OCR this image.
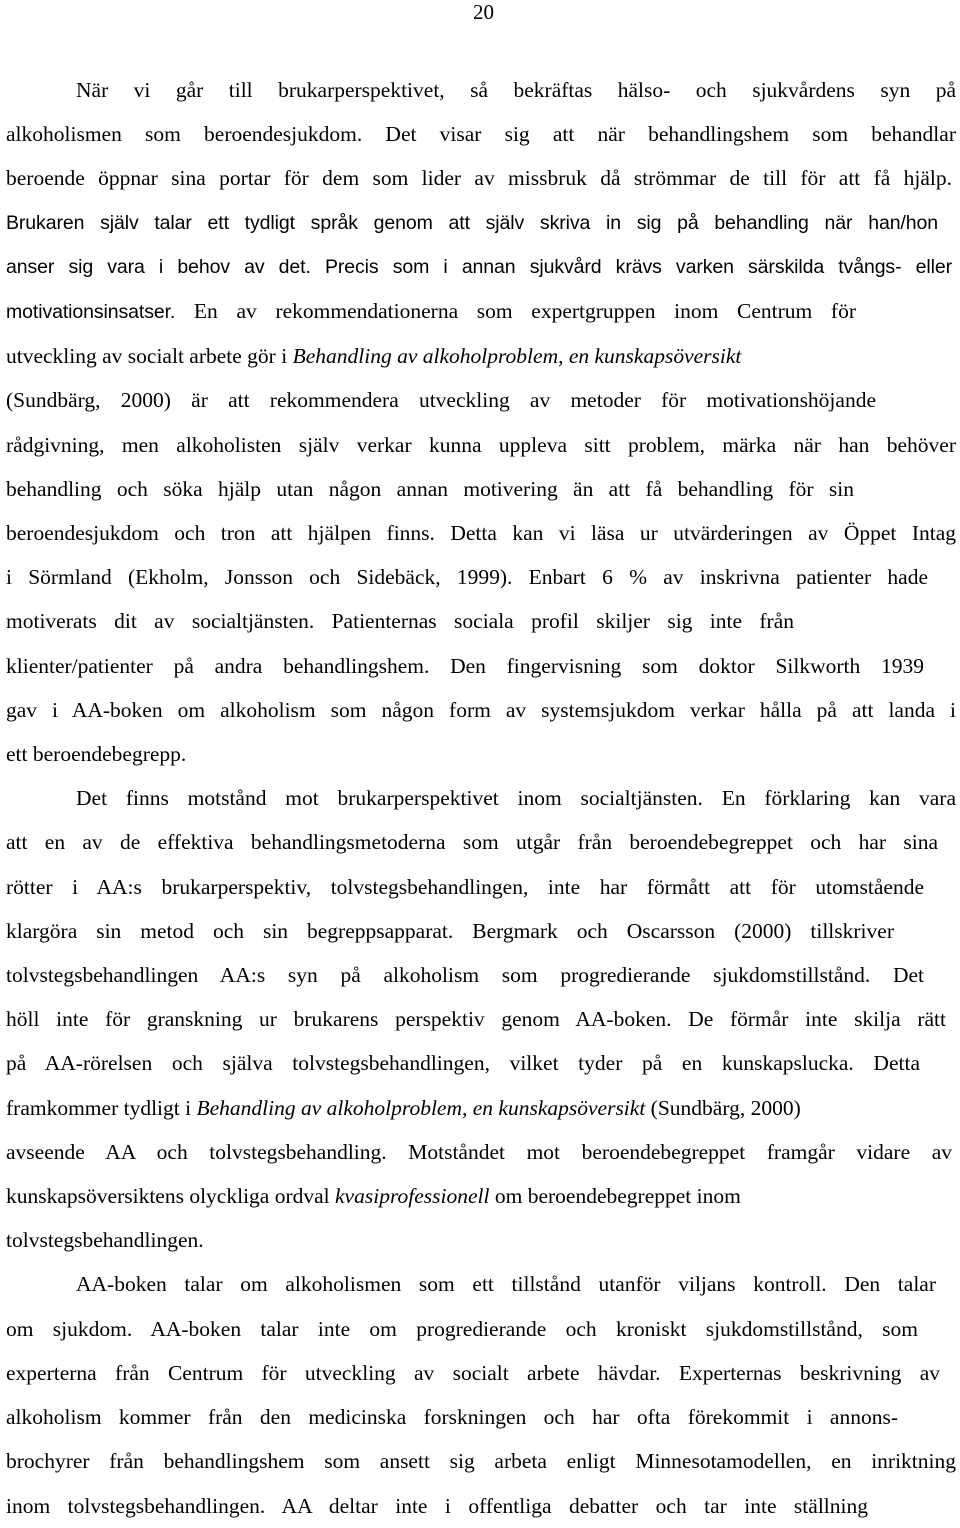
20
När vi går till brukarperspektivet, så bekräftas hälso- och sjukvårdens syn på
alkoholismen som beroendesjukdom. Det visar sig att när behandlingshem som behandlar
beroende öppnar sina portar för dem som lider av missbruk då strömmar de till för att få hjälp.
Brukaren själv talar ett tydligt språk genom att själv skriva in sig på behandling när han/hon
anser sig vara i behov av det. Precis som i annan sjukvård krävs varken särskilda tvångs- eller
motivationsinsatser. En av rekommendationerna som expertgruppen inom Centrum för
utveckling av socialt arbete gör i Behandling av alkoholproblem, en kunskapsöversikt
(Sundbärg, 2000) är att rekommendera utveckling av metoder för motivationshöjande
rådgivning, men alkoholisten själv verkar kunna uppleva sitt problem, märka när han behöver
behandling och söka hjälp utan någon annan motivering än att få behandling för sin
beroendesjukdom och tron att hjälpen finns. Detta kan vi läsa ur utvärderingen av Öppet Intag
i Sörmland (Ekholm, Jonsson och Sidebäck, 1999). Enbart 6 % av inskrivna patienter hade
motiverats dit av socialtjänsten. Patienternas sociala profil skiljer sig inte från
klienter/patienter på andra behandlingshem. Den fingervisning som doktor Silkworth 1939
gav i AA-boken om alkoholism som någon form av systemsjukdom verkar hålla på att landa i
ett beroendebegrepp.
Det finns motstånd mot brukarperspektivet inom socialtjänsten. En förklaring kan vara
att en av de effektiva behandlingsmetoderna som utgår från beroendebegreppet och har sina
rötter i AA:s brukarperspektiv, tolvstegsbehandlingen, inte har förmått att för utomstående
klargöra sin metod och sin begreppsapparat. Bergmark och Oscarsson (2000) tillskriver
tolvstegsbehandlingen AA:s syn på alkoholism som progredierande sjukdomstillstånd. Det
höll inte för granskning ur brukarens perspektiv genom AA-boken. De förmår inte skilja rätt
på AA-rörelsen och själva tolvstegsbehandlingen, vilket tyder på en kunskapslucka. Detta
framkommer tydligt i Behandling av alkoholproblem, en kunskapsöversikt (Sundbärg, 2000)
avseende AA och tolvstegsbehandling. Motståndet mot beroendebegreppet framgår vidare av
kunskapsöversiktens olyckliga ordval kvasiprofessionell om beroendebegreppet inom
tolvstegsbehandlingen.
AA-boken talar om alkoholismen som ett tillstånd utanför viljans kontroll. Den talar
om sjukdom. AA-boken talar inte om progredierande och kroniskt sjukdomstillstånd, som
experterna från Centrum för utveckling av socialt arbete hävdar. Experternas beskrivning av
alkoholism kommer från den medicinska forskningen och har ofta förekommit i annons-
brochyrer från behandlingshem som ansett sig arbeta enligt Minnesotamodellen, en inriktning
inom tolvstegsbehandlingen. AA deltar inte i offentliga debatter och tar inte ställning
